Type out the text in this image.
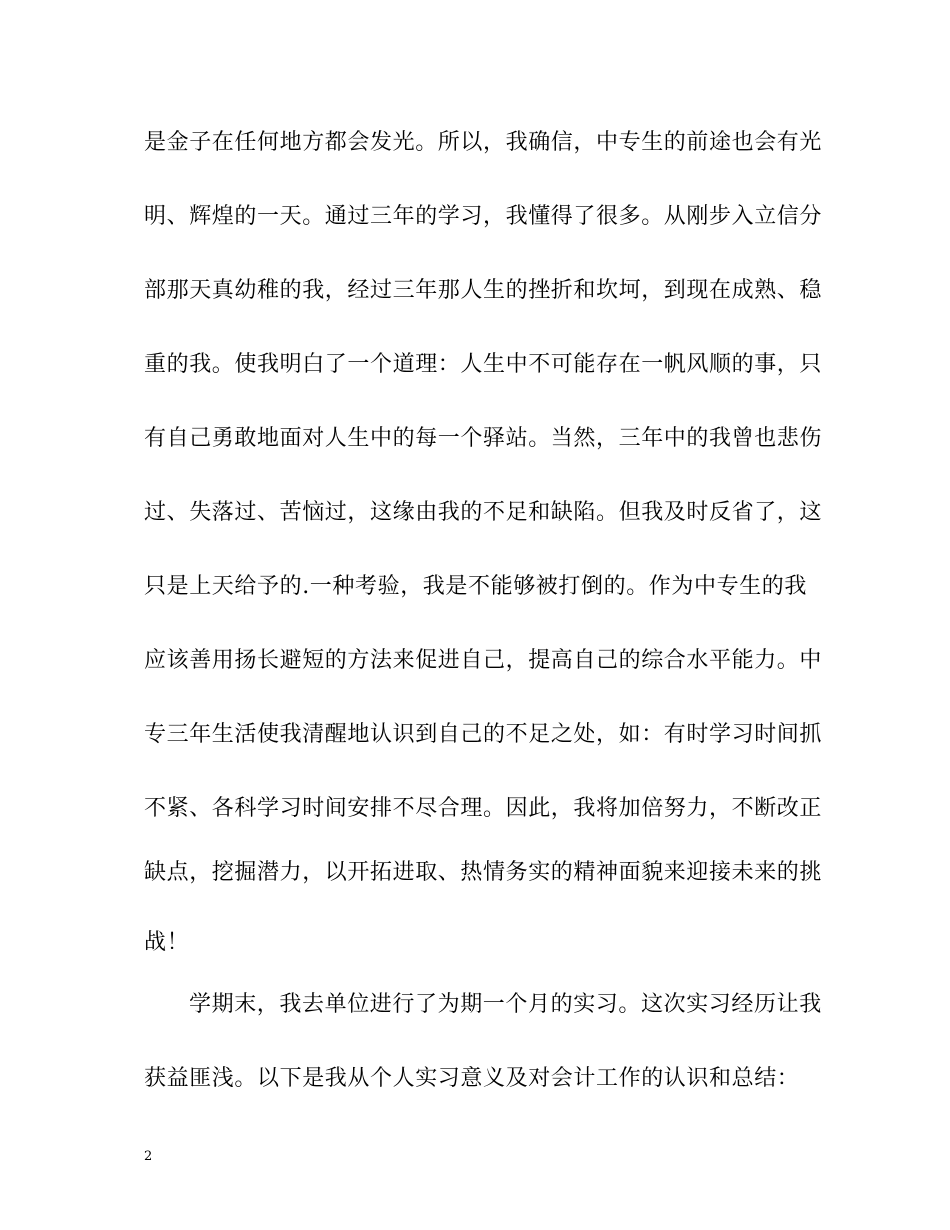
是金子在任何地方都会发光。所以，我确信，中专生的前途也会有光
明、辉煌的一天。通过三年的学习，我懂得了很多。从刚步入立信分
部那天真幼稚的我，经过三年那人生的挫折和坎坷，到现在成熟、稳
重的我。使我明白了一个道理：人生中不可能存在一帆风顺的事，只
有自己勇敢地面对人生中的每一个驿站。当然，三年中的我曾也悲伤
过、失落过、苦恼过，这缘由我的不足和缺陷。但我及时反省了，这
只是上天给予的.一种考验，我是不能够被打倒的。作为中专生的我
应该善用扬长避短的方法来促进自己，提高自己的综合水平能力。中
专三年生活使我清醒地认识到自己的不足之处，如：有时学习时间抓
不紧、各科学习时间安排不尽合理。因此，我将加倍努力，不断改正
缺点，挖掘潜力，以开拓进取、热情务实的精神面貌来迎接未来的挑
战！
学期末，我去单位进行了为期一个月的实习。这次实习经历让我
获益匪浅。以下是我从个人实习意义及对会计工作的认识和总结：
2
